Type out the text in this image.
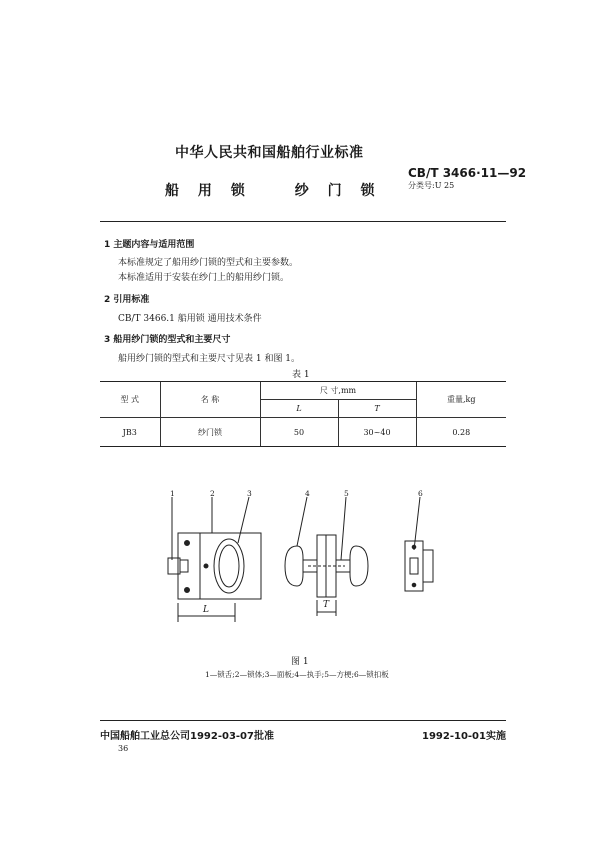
中华人民共和国船舶行业标准
CB/T 3466·11—92
分类号:U 25
船 用 锁	纱 门 锁
1 主题内容与适用范围
本标准规定了船用纱门锁的型式和主要参数。
本标准适用于安装在纱门上的船用纱门锁。
2 引用标准
CB/T 3466.1 船用锁 通用技术条件
3 船用纱门锁的型式和主要尺寸
船用纱门锁的型式和主要尺寸见表 1 和图 1。
表 1
型 式	名 称	尺 寸,mm		重量,kg
		L	T	
JB3	纱门锁	50	30~40	0.28
1	2	3	4	5	6
L	T
图 1
1—锁舌;2—锁体;3—面板;4—执手;5—方梗;6—锁扣板
中国船舶工业总公司1992-03-07批准	1992-10-01实施
36
